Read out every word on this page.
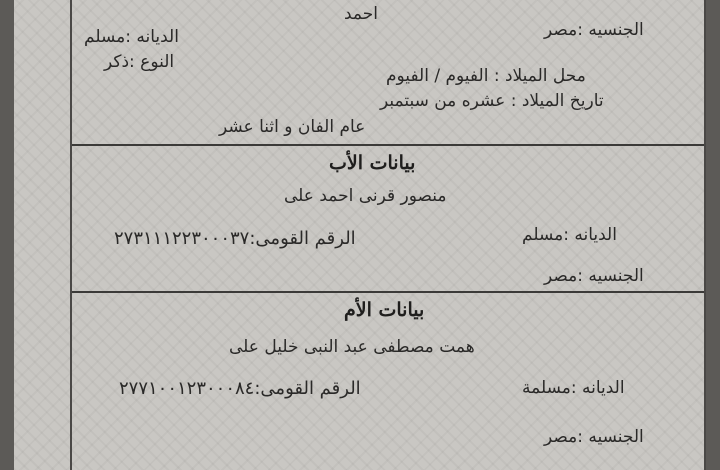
احمد
الجنسيه :مصر
الديانه :مسلم
النوع :ذكر
محل الميلاد : الفيوم / الفيوم
تاريخ الميلاد : عشره من سبتمبر
عام الفان و اثنا عشر
بيانات الأب
منصور قرنى احمد على
الديانه :مسلم
الرقم القومى:٢٧٣١١١٢٢٣٠٠٠٣٧
الجنسيه :مصر
بيانات الأم
همت مصطفى عبد النبى خليل على
الديانه :مسلمة
الرقم القومى:٢٧٧١٠٠١٢٣٠٠٠٨٤
الجنسيه :مصر
